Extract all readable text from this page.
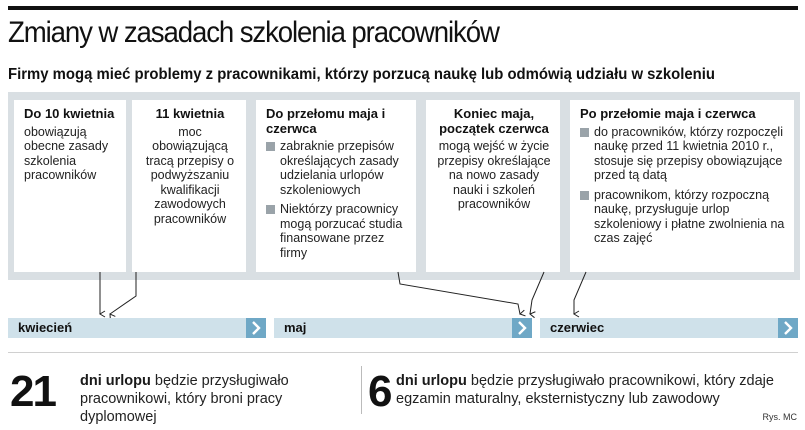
Zmiany w zasadach szkolenia pracowników
Firmy mogą mieć problemy z pracownikami, którzy porzucą naukę lub odmówią udziału w szkoleniu
Do 10 kwietnia

obowiązują obecne zasady szkolenia pracowników

11 kwietnia

moc obowiązującą tracą przepisy o podwyższaniu kwalifikacji zawodowych pracowników

Do przełomu maja i czerwca
zabraknie przepisów określających zasady udzielania urlopów szkoleniowych
Niektórzy pracownicy mogą porzucać studia finansowane przez firmy
Koniec maja, początek czerwca

mogą wejść w życie przepisy określające na nowo zasady nauki i szkoleń pracowników

Po przełomie maja i czerwca
do pracowników, którzy rozpoczęli naukę przed 11 kwietnia 2010 r., stosuje się przepisy obowiązujące przed tą datą
pracownikom, którzy rozpoczną naukę, przysługuje urlop szkoleniowy i płatne zwolnienia na czas zajęć
kwiecień	maj	czerwiec
21 dni urlopu będzie przysługiwało pracownikowi, który broni pracy dyplomowej
6 dni urlopu będzie przysługiwało pracownikowi, który zdaje egzamin maturalny, eksternistyczny lub zawodowy
Rys. MC
